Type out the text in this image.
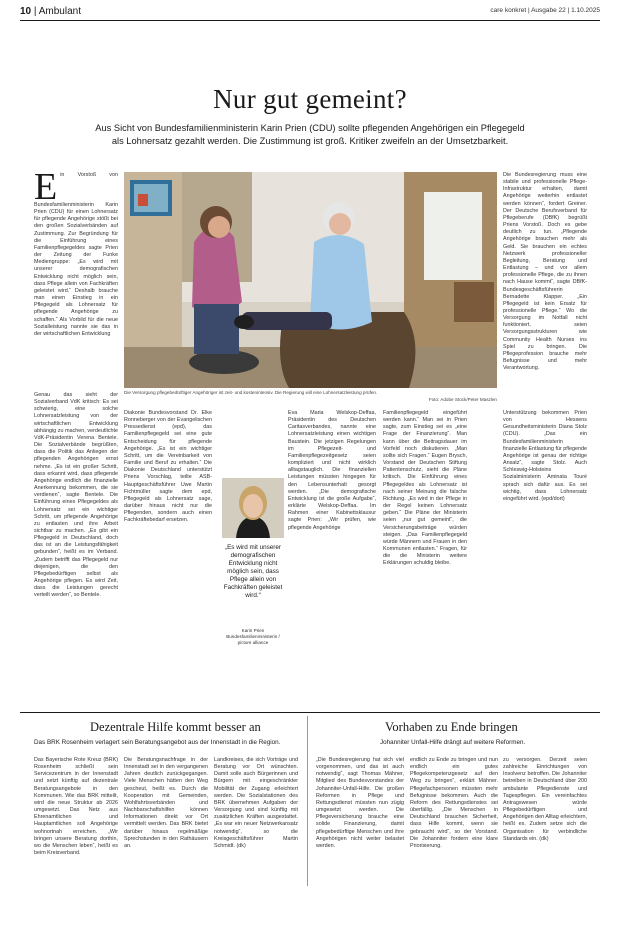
10 | Ambulant	care konkret | Ausgabe 22 | 1.10.2025
Nur gut gemeint?
Aus Sicht von Bundesfamilienministerin Karin Prien (CDU) sollte pflegenden Angehörigen ein Pflegegeld als Lohnersatz gezahlt werden. Die Zustimmung ist groß. Kritiker zweifeln an der Umsetzbarkeit.
Ein Vorstoß von Bundesfamilienministerin Karin Prien (CDU) für einen Lohnersatz für pflegende Angehörige stößt bei den großen Sozialverbänden auf Zustimmung. Zur Begründung für die Einführung eines Familienpflegegeldes sagte Prien der Zeitung der Funke Mediengruppe: „Es wird mit unserer demografischen Entwicklung nicht möglich sein, dass Pflege allein von Fachkräften geleistet wird.“ Deshalb brauche man einen Einstieg in ein Pflegegeld als Lohnersatz für pflegende Angehörige zu schaffen.“ Als Vorbild für die neue Sozialleistung nannte sie das in der wirtschaftlichen Entwicklung
Genau das sieht der Sozialverband VdK kritisch: Es sei schwierig, eine solche Lohnersatzleistung von der wirtschaftlichen Entwicklung abhängig zu machen, verdeutlichte VdK-Präsidentin Verena Bentele. Die Sozialverbände begrüßten, dass die Politik das Anliegen der pflegenden Angehörigen ernst nehme. „Es ist ein großer Schritt, dass erkannt wird, dass pflegende Angehörige endlich die finanzielle Anerkennung bekommen, die sie verdienen“, sagte Bentele. Die Einführung eines Pflegegeldes als Lohnersatz sei ein wichtiger Schritt, um pflegende Angehörige zu entlasten und ihre Arbeit sichtbar zu machen. „Es gibt ein Pflegegeld in Deutschland, doch das ist an die Leistungsfähigkeit gebunden“, heißt es im Verband. „Zudem betrifft das Pflegegeld nur diejenigen, die den Pflegebedürftigen selbst als Angehörige pflegen. Es wird Zeit, dass die Leistungen gerecht verteilt werden“, so Bentele.
Die Versorgung pflegebedürftiger Angehöriger ist zeit- und kostenintensiv. Die Regierung will eine Lohnersatzleistung prüfen.
Foto: Adobe Stock/Peter Maszlen
Diakonie Bundesvorstand Dr. Elke Ronneberger von der Evangelischen Pressedienst (epd), das Familienpflegegeld sei eine gute Entscheidung für pflegende Angehörige. „Es ist ein wichtiger Schritt, um die Vereinbarkeit von Familie und Beruf zu erhalten.“ Die Diakonie Deutschland unterstützt Priens Vorschlag, teilte ASB-Hauptgeschäftsführer Uwe Martin Fichtmüller sagte dem epd, Pflegegeld als Lohnersatz sage, darüber hinaus nicht nur die Pflegenden, sondern auch einen Fachkräftebedarf ersetzen.
„Es wird mit unserer demografischen Entwicklung nicht möglich sein, dass Pflege allein von Fachkräften geleistet wird.“
Karin Prien
Bundesfamilienministerin / picture alliance
Eva Maria Welskop-Deffaa, Präsidentin des Deutschen Caritasverbandes, nannte eine Lohnersatzleistung einen wichtigen Baustein. Die jetzigen Regelungen im Pflegezeit- und Familienpflegezeitgesetz seien kompliziert und nicht wirklich alltagstauglich. Die finanziellen Leistungen müssten hingegen für den Lebensunterhalt gesorgt werden. „Die demografische Entwicklung ist die große Aufgabe“, erklärte Welskop-Deffaa. Im Rahmen einer Kabinettsklausur sagte Prien: „Wir prüfen, wie pflegende Angehörige
Familienpflegegeld eingeführt werden kann.“ Man sei in Prien sagte, zum Einstieg sei es „eine Frage der Finanzierung“. Man kann über die Beitragsdauer im Vorfeld noch diskutieren. „Man sollte sich Fragen.“ Eugen Brysch, Vorstand der Deutschen Stiftung Patientenschutz, sieht die Pläne kritisch. Die Einführung eines Pflegegeldes als Lohnersatz ist nach seiner Meinung die falsche Richtung. „Es wird in der Pflege in der Regel keinen Lohnersatz geben.“ Die Pläne der Ministerin seien „nur gut gemeint“, die Versicherungsbeiträge würden steigen. „Das Familienpflegegeld würde Männern und Frauen in den Kommunen entlasten.“ Fragen, für die die Ministerin weitere Erklärungen schuldig bleibe.
Die Bundesregierung muss eine stabile und professionelle Pflege-Infrastruktur erhalten, damit Angehörige weiterhin entlastet werden können“, fordert Greiner. Der Deutsche Berufsverband für Pflegeberufe (DBfK) begrüßt Priens Vorstoß. Doch es gebe deutlich zu tun. „Pflegende Angehörige brauchen mehr als Geld. Sie brauchen ein echtes Netzwerk professioneller Begleitung, Beratung und Entlastung – und vor allem professionelle Pflege, die zu ihnen nach Hause kommt“, sagte DBfK-Bundesgeschäftsführerin Bernadette Klapper. „Ein Pflegegeld ist kein Ersatz für professionelle Pflege.“ Wo die Versorgung im Notfall nicht funktioniert, seien Versorgungsstrukturen wie Community Health Nurses ins Spiel zu bringen. Die Pflegeprofession brauche mehr Befugnisse und mehr Verantwortung.
Unterstützung bekommen Prien von Hessens Gesundheitsministerin Diana Stolz (CDU). „Das ein Bundesfamilienministerin finanzielle Entlastung für pflegende Angehörige ist genau der richtige Ansatz“, sagte Stolz. Auch Schleswig-Holsteins Sozialministerin Aminata Touré sprach sich dafür aus. Es sei wichtig, dass Lohnersatz eingeführt wird. (epd/dort)
Dezentrale Hilfe kommt besser an
Das BRK Rosenheim verlagert sein Beratungsangebot aus der Innenstadt in die Region.
Das Bayerische Rote Kreuz (BRK) Rosenheim schließt sein Servicezentrum in der Innenstadt und setzt künftig auf dezentrale Beratungsangebote in den Kommunen. Wie das BRK mitteilt, wird die neue Struktur ab 2026 umgesetzt. Das Netz aus Ehrenamtlichen und Hauptamtlichen soll Angehörige wohnortnah erreichen. „Wir bringen unsere Beratung dorthin, wo die Menschen leben“, heißt es beim Kreisverband.
Die Beratungsnachfrage in der Innenstadt sei in den vergangenen Jahren deutlich zurückgegangen. Viele Menschen hätten den Weg gescheut, heißt es. Durch die Kooperation mit Gemeinden, Wohlfahrtsverbänden und Nachbarschaftshilfen können Informationen direkt vor Ort vermittelt werden. Das BRK bietet darüber hinaus regelmäßige Sprechstunden in den Rathäusern an.
Landkreises, die sich Vorträge und Beratung vor Ort wünschten. Damit solle auch Bürgerinnen und Bürgern mit eingeschränkter Mobilität der Zugang erleichtert werden. Die Sozialstationen des BRK übernehmen Aufgaben der Versorgung und sind künftig mit zusätzlichen Kräften ausgestattet. „Es war ein neuer Netzwerkansatz notwendig“, so die Kreisgeschäftsführer Martin Schmidt. (dk)
Vorhaben zu Ende bringen
Johanniter Unfall-Hilfe drängt auf weitere Reformen.
„Die Bundesregierung hat sich viel vorgenommen, und das ist auch notwendig“, sagt Thomas Mähner, Mitglied des Bundesvorstandes der Johanniter-Unfall-Hilfe. Die großen Reformen in Pflege und Rettungsdienst müssten nun zügig umgesetzt werden. Die Pflegeversicherung brauche eine solide Finanzierung, damit pflegebedürftige Menschen und ihre Angehörigen nicht weiter belastet werden.
endlich zu Ende zu bringen und nun endlich ein gutes Pflegekompetenzgesetz auf den Weg zu bringen“, erklärt Mähner. Pflegefachpersonen müssten mehr Befugnisse bekommen. Auch die Reform des Rettungsdienstes sei überfällig. „Die Menschen in Deutschland brauchen Sicherheit, dass Hilfe kommt, wenn sie gebraucht wird“, so der Vorstand. Die Johanniter fordern eine klare Priorisierung.
zu versorgen. Derzeit seien zahlreiche Einrichtungen von Insolvenz betroffen. Die Johanniter betreiben in Deutschland über 200 ambulante Pflegedienste und Tagespflegen. Ein vereinfachtes Antragswesen würde Pflegebedürftigen und Angehörigen den Alltag erleichtern, heißt es. Zudem setze sich die Organisation für verbindliche Standards ein. (dk)
